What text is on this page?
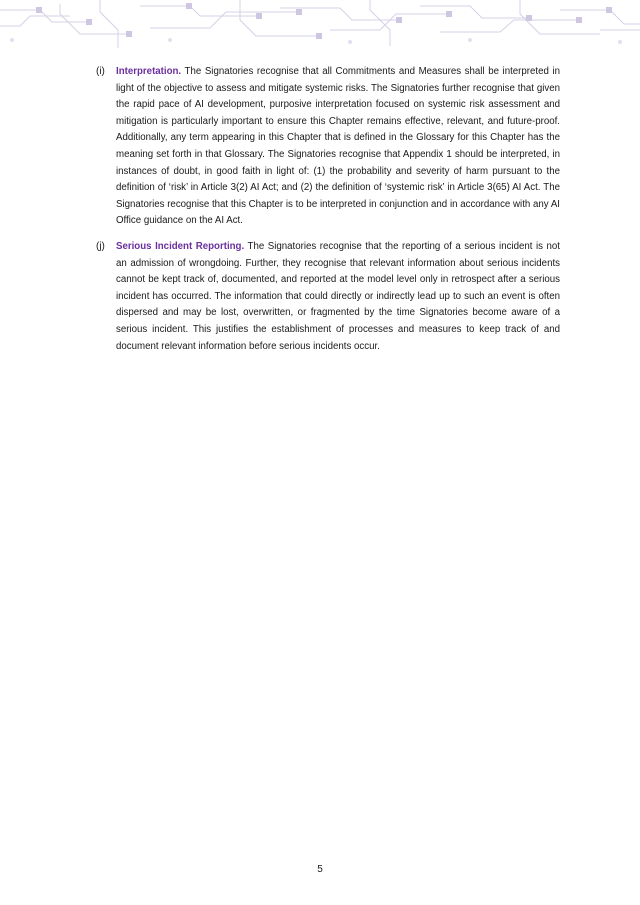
(i) Interpretation. The Signatories recognise that all Commitments and Measures shall be interpreted in light of the objective to assess and mitigate systemic risks. The Signatories further recognise that given the rapid pace of AI development, purposive interpretation focused on systemic risk assessment and mitigation is particularly important to ensure this Chapter remains effective, relevant, and future-proof. Additionally, any term appearing in this Chapter that is defined in the Glossary for this Chapter has the meaning set forth in that Glossary. The Signatories recognise that Appendix 1 should be interpreted, in instances of doubt, in good faith in light of: (1) the probability and severity of harm pursuant to the definition of ‘risk’ in Article 3(2) AI Act; and (2) the definition of ‘systemic risk’ in Article 3(65) AI Act. The Signatories recognise that this Chapter is to be interpreted in conjunction and in accordance with any AI Office guidance on the AI Act.

(j) Serious Incident Reporting. The Signatories recognise that the reporting of a serious incident is not an admission of wrongdoing. Further, they recognise that relevant information about serious incidents cannot be kept track of, documented, and reported at the model level only in retrospect after a serious incident has occurred. The information that could directly or indirectly lead up to such an event is often dispersed and may be lost, overwritten, or fragmented by the time Signatories become aware of a serious incident. This justifies the establishment of processes and measures to keep track of and document relevant information before serious incidents occur.

5
